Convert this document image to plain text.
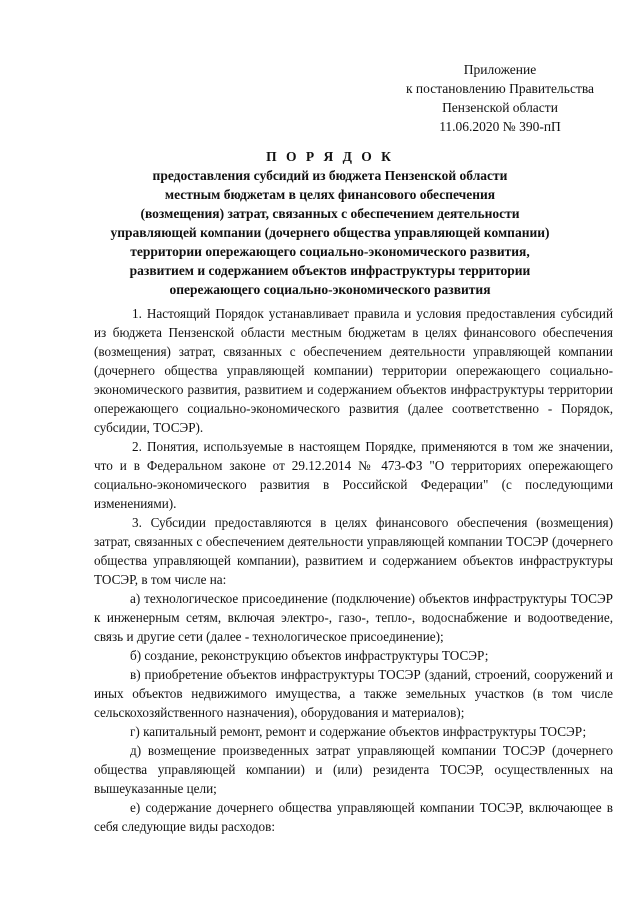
Приложение
к постановлению Правительства
Пензенской области
11.06.2020 № 390-пП
П О Р Я Д О К
предоставления субсидий из бюджета Пензенской области
местным бюджетам в целях финансового обеспечения
(возмещения) затрат, связанных с обеспечением деятельности
управляющей компании (дочернего общества управляющей компании)
территории опережающего социально-экономического развития,
развитием и содержанием объектов инфраструктуры территории
опережающего социально-экономического развития

1. Настоящий Порядок устанавливает правила и условия предоставления субсидий из бюджета Пензенской области местным бюджетам в целях финансового обеспечения (возмещения) затрат, связанных с обеспечением деятельности управляющей компании (дочернего общества управляющей компании) территории опережающего социально-экономического развития, развитием и содержанием объектов инфраструктуры территории опережающего социально-экономического развития (далее соответственно - Порядок, субсидии, ТОСЭР).

2. Понятия, используемые в настоящем Порядке, применяются в том же значении, что и в Федеральном законе от 29.12.2014 № 473-ФЗ "О территориях опережающего социально-экономического развития в Российской Федерации" (с последующими изменениями).

3. Субсидии предоставляются в целях финансового обеспечения (возмещения) затрат, связанных с обеспечением деятельности управляющей компании ТОСЭР (дочернего общества управляющей компании), развитием и содержанием объектов инфраструктуры ТОСЭР, в том числе на:

а) технологическое присоединение (подключение) объектов инфраструктуры ТОСЭР к инженерным сетям, включая электро-, газо-, тепло-, водоснабжение и водоотведение, связь и другие сети (далее - технологическое присоединение);

б) создание, реконструкцию объектов инфраструктуры ТОСЭР;

в) приобретение объектов инфраструктуры ТОСЭР (зданий, строений, сооружений и иных объектов недвижимого имущества, а также земельных участков (в том числе сельскохозяйственного назначения), оборудования и материалов);

г) капитальный ремонт, ремонт и содержание объектов инфраструктуры ТОСЭР;

д) возмещение произведенных затрат управляющей компании ТОСЭР (дочернего общества управляющей компании) и (или) резидента ТОСЭР, осуществленных на вышеуказанные цели;

е) содержание дочернего общества управляющей компании ТОСЭР, включающее в себя следующие виды расходов:
